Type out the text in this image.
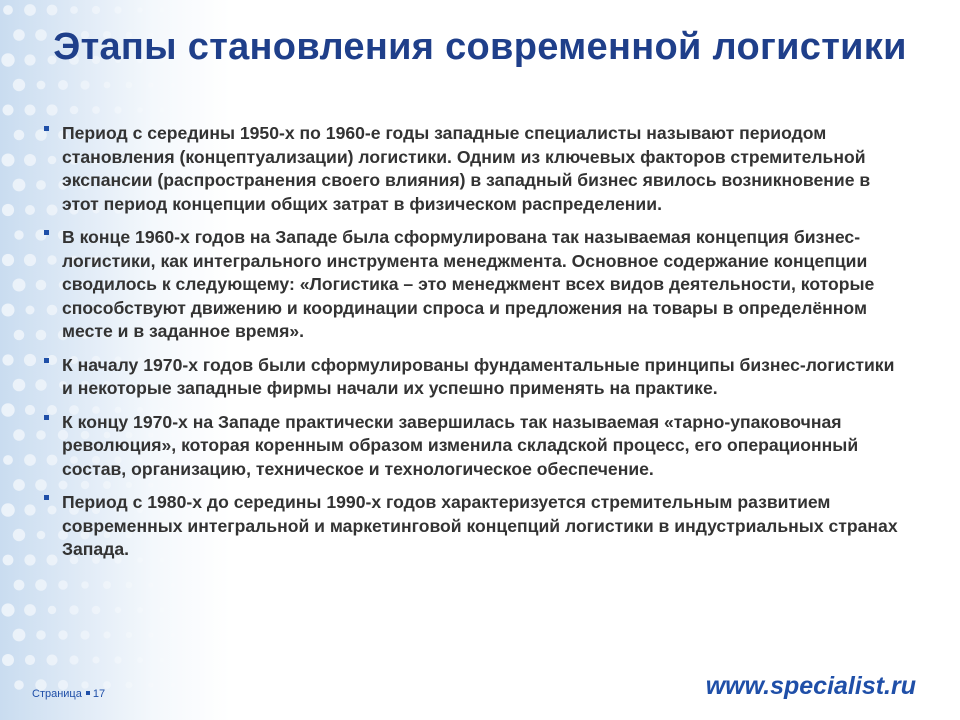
Этапы становления современной логистики
Период с середины 1950-х по 1960-е годы западные специалисты называют периодом становления (концептуализации) логистики. Одним из ключевых факторов стремительной экспансии (распространения своего влияния) в западный бизнес явилось возникновение в этот период концепции общих затрат в физическом распределении.
В конце 1960-х годов на Западе была сформулирована так называемая концепция бизнес-логистики, как интегрального инструмента менеджмента. Основное содержание концепции сводилось к следующему: «Логистика – это менеджмент всех видов деятельности, которые способствуют движению и координации спроса и предложения на товары в определённом месте и в заданное время».
К началу 1970-х годов были сформулированы фундаментальные принципы бизнес-логистики и некоторые западные фирмы начали их успешно применять на практике.
К концу 1970-х на Западе практически завершилась так называемая «тарно-упаковочная революция», которая коренным образом изменила складской процесс, его операционный состав, организацию, техническое и технологическое обеспечение.
Период с 1980-х до середины 1990-х годов характеризуется стремительным развитием современных интегральной и маркетинговой концепций логистики в индустриальных странах Запада.
Страница 17	www.specialist.ru
